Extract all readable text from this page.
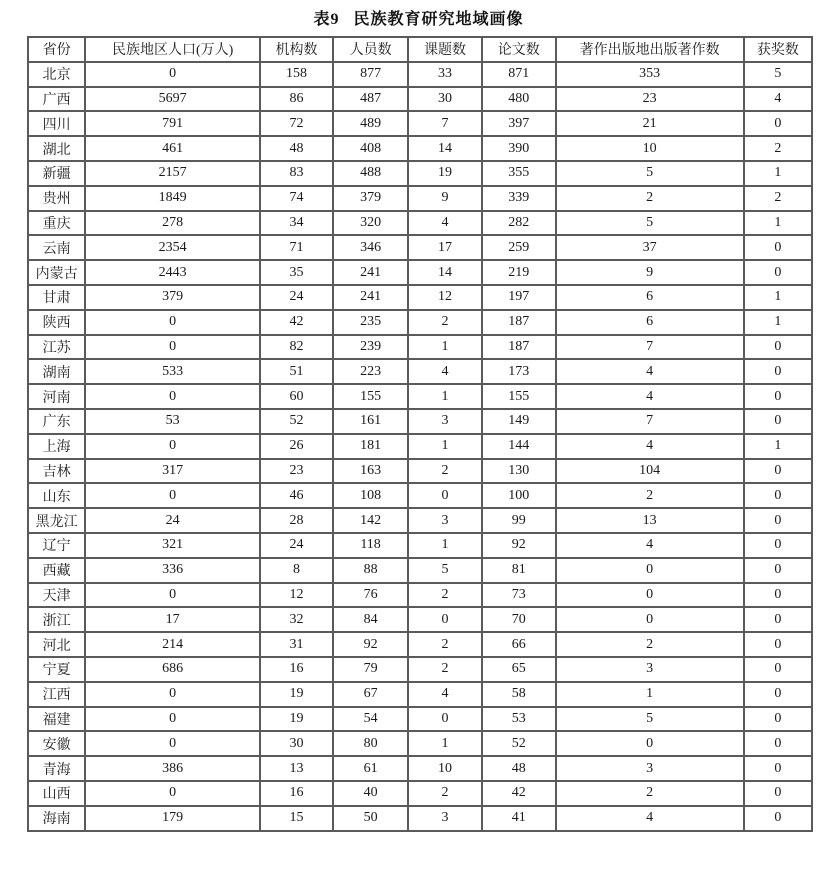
表9 民族教育研究地域画像
省份	民族地区人口(万人)	机构数	人员数	课题数	论文数	著作出版地出版著作数	获奖数
北京	0	158	877	33	871	353	5
广西	5697	86	487	30	480	23	4
四川	791	72	489	7	397	21	0
湖北	461	48	408	14	390	10	2
新疆	2157	83	488	19	355	5	1
贵州	1849	74	379	9	339	2	2
重庆	278	34	320	4	282	5	1
云南	2354	71	346	17	259	37	0
内蒙古	2443	35	241	14	219	9	0
甘肃	379	24	241	12	197	6	1
陕西	0	42	235	2	187	6	1
江苏	0	82	239	1	187	7	0
湖南	533	51	223	4	173	4	0
河南	0	60	155	1	155	4	0
广东	53	52	161	3	149	7	0
上海	0	26	181	1	144	4	1
吉林	317	23	163	2	130	104	0
山东	0	46	108	0	100	2	0
黑龙江	24	28	142	3	99	13	0
辽宁	321	24	118	1	92	4	0
西藏	336	8	88	5	81	0	0
天津	0	12	76	2	73	0	0
浙江	17	32	84	0	70	0	0
河北	214	31	92	2	66	2	0
宁夏	686	16	79	2	65	3	0
江西	0	19	67	4	58	1	0
福建	0	19	54	0	53	5	0
安徽	0	30	80	1	52	0	0
青海	386	13	61	10	48	3	0
山西	0	16	40	2	42	2	0
海南	179	15	50	3	41	4	0
